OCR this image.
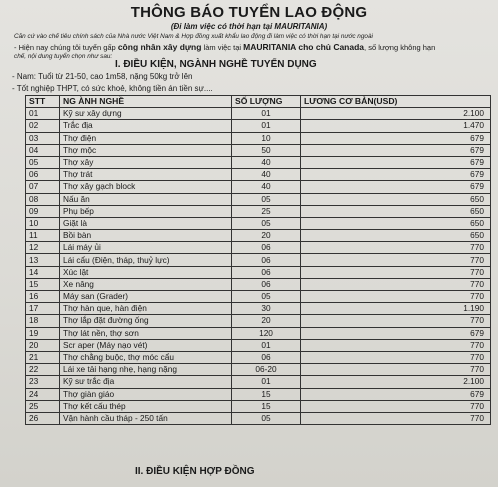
THÔNG BÁO TUYỂN LAO ĐỘNG
(Đi làm việc có thời hạn tại MAURITANIA)
Căn cứ vào chế tiêu chính sách của Nhà nước Việt Nam & Hợp đồng xuất khẩu lao động đi làm việc có thời hạn tại nước ngoài
- Hiện nay chúng tôi tuyển gấp công nhân xây dựng làm việc tại MAURITANIA cho chủ Canada, số lượng không hạn
chế, nội dung tuyển chọn như sau:
I. ĐIỀU KIỆN, NGÀNH NGHỀ TUYỂN DỤNG
- Nam: Tuổi từ 21-50, cao 1m58, nặng 50kg trở lên
- Tốt nghiệp THPT, có sức khoẻ, không tiền án tiền sự....
STT	NG ÀNH NGHỀ	SỐ LƯỢNG	LƯƠNG CƠ BẢN(USD)
01	Kỹ sư xây dựng	01	2.100
02	Trắc địa	01	1.470
03	Thợ điện	10	679
04	Thợ mộc	50	679
05	Thợ xây	40	679
06	Thợ trát	40	679
07	Thợ xây gạch block	40	679
08	Nấu ăn	05	650
09	Phụ bếp	25	650
10	Giặt là	05	650
11	Bồi bàn	20	650
12	Lái máy ủi	06	770
13	Lái cẩu (Điện, tháp, thuỷ lực)	06	770
14	Xúc lật	06	770
15	Xe nâng	06	770
16	Máy san (Grader)	05	770
17	Thợ hàn que, hàn điện	30	1.190
18	Thợ lắp đặt đường ống	20	770
19	Thợ lát nền, thợ sơn	120	679
20	Scr aper (Máy nạo vét)	01	770
21	Thợ chằng buộc, thợ móc cẩu	06	770
22	Lái xe tải hạng nhẹ, hạng nặng	06-20	770
23	Kỹ sư trắc địa	01	2.100
24	Thợ giàn giáo	15	679
25	Thợ kết cấu thép	15	770
26	Vận hành cầu tháp - 250 tấn	05	770
II. ĐIỀU KIỆN HỢP ĐỒNG
